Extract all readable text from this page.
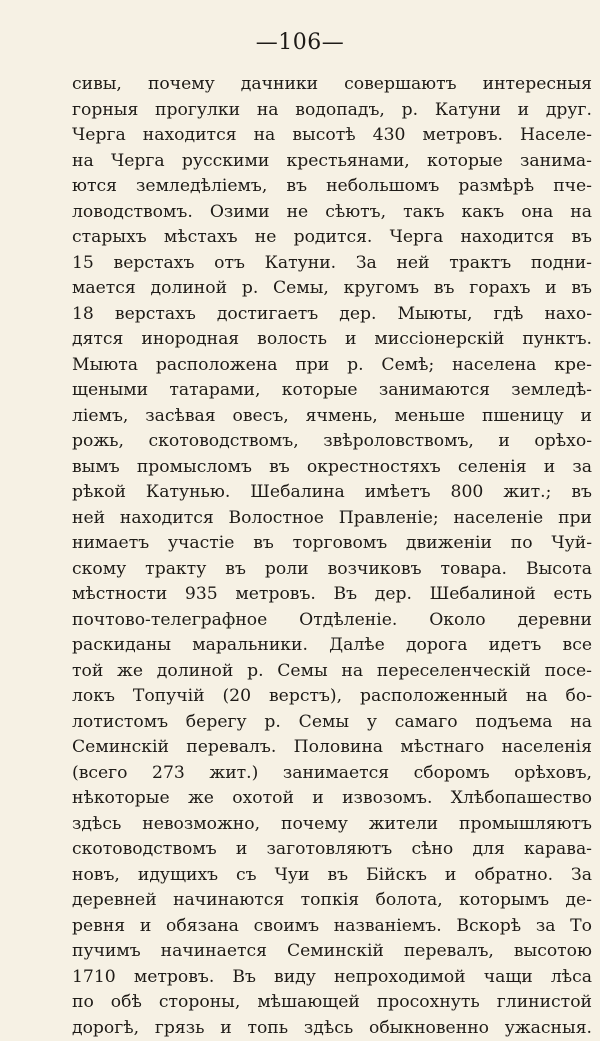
—106—
сивы, почему дачники совершаютъ интересныя
горныя прогулки на водопадъ, р. Катуни и друг.
Черга находится на высотѣ 430 метровъ. Населе-
на Черга русскими крестьянами, которые занима-
ются земледѣліемъ, въ небольшомъ размѣрѣ пче-
ловодствомъ. Озими не сѣютъ, такъ какъ она на
старыхъ мѣстахъ не родится. Черга находится въ
15 верстахъ отъ Катуни. За ней трактъ подни-
мается долиной р. Семы, кругомъ въ горахъ и въ
18 верстахъ достигаетъ дер. Мыюты, гдѣ нахо-
дятся инородная волость и миссіонерскій пунктъ.
Мыюта расположена при р. Семѣ; населена кре-
щеными татарами, которые занимаются земледѣ-
ліемъ, засѣвая овесъ, ячмень, меньше пшеницу и
рожь, скотоводствомъ, звѣроловствомъ, и орѣхо-
вымъ промысломъ въ окрестностяхъ селенія и за
рѣкой Катунью. Шебалина имѣетъ 800 жит.; въ
ней находится Волостное Правленіе; населеніе при
нимаетъ участіе въ торговомъ движеніи по Чуй-
скому тракту въ роли возчиковъ товара. Высота
мѣстности 935 метровъ. Въ дер. Шебалиной есть
почтово-телеграфное Отдѣленіе. Около деревни
раскиданы маральники. Далѣе дорога идетъ все
той же долиной р. Семы на переселенческій посе-
локъ Топучій (20 верстъ), расположенный на бо-
лотистомъ берегу р. Семы у самаго подъема на
Семинскій перевалъ. Половина мѣстнаго населенія
(всего 273 жит.) занимается сборомъ орѣховъ,
нѣкоторые же охотой и извозомъ. Хлѣбопашество
здѣсь невозможно, почему жители промышляютъ
скотоводствомъ и заготовляютъ сѣно для карава-
новъ, идущихъ съ Чуи въ Бійскъ и обратно. За
деревней начинаются топкія болота, которымъ де-
ревня и обязана своимъ названіемъ. Вскорѣ за То
пучимъ начинается Семинскій перевалъ, высотою
1710 метровъ. Въ виду непроходимой чащи лѣса
по обѣ стороны, мѣшающей просохнуть глинистой
дорогѣ, грязь и топь здѣсь обыкновенно ужасныя.
